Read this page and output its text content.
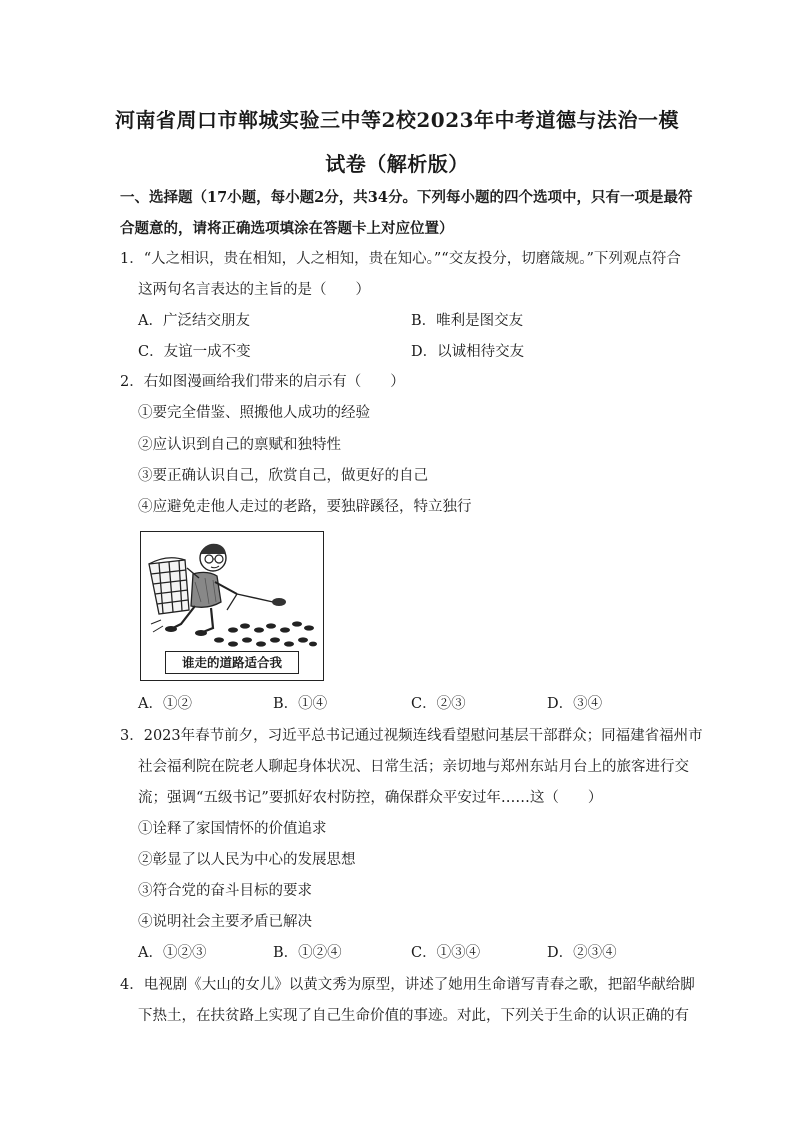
河南省周口市郸城实验三中等2校2023年中考道德与法治一模
试卷（解析版）
一、选择题（17小题，每小题2分，共34分。下列每小题的四个选项中，只有一项是最符
合题意的，请将正确选项填涂在答题卡上对应位置）
1．“人之相识，贵在相知，人之相知，贵在知心。”“交友投分，切磨箴规。”下列观点符合
这两句名言表达的主旨的是（　　）
A．广泛结交朋友	B．唯利是图交友
C．友谊一成不变	D．以诚相待交友
2．右如图漫画给我们带来的启示有（　　）
①要完全借鉴、照搬他人成功的经验
②应认识到自己的禀赋和独特性
③要正确认识自己，欣赏自己，做更好的自己
④应避免走他人走过的老路，要独辟蹊径，特立独行
谁走的道路适合我
A．①②	B．①④	C．②③	D．③④
3．2023年春节前夕，习近平总书记通过视频连线看望慰问基层干部群众；同福建省福州市
社会福利院在院老人聊起身体状况、日常生活；亲切地与郑州东站月台上的旅客进行交
流；强调“五级书记”要抓好农村防控，确保群众平安过年……这（　　）
①诠释了家国情怀的价值追求
②彰显了以人民为中心的发展思想
③符合党的奋斗目标的要求
④说明社会主要矛盾已解决
A．①②③	B．①②④	C．①③④	D．②③④
4．电视剧《大山的女儿》以黄文秀为原型，讲述了她用生命谱写青春之歌，把韶华献给脚
下热土，在扶贫路上实现了自己生命价值的事迹。对此，下列关于生命的认识正确的有
